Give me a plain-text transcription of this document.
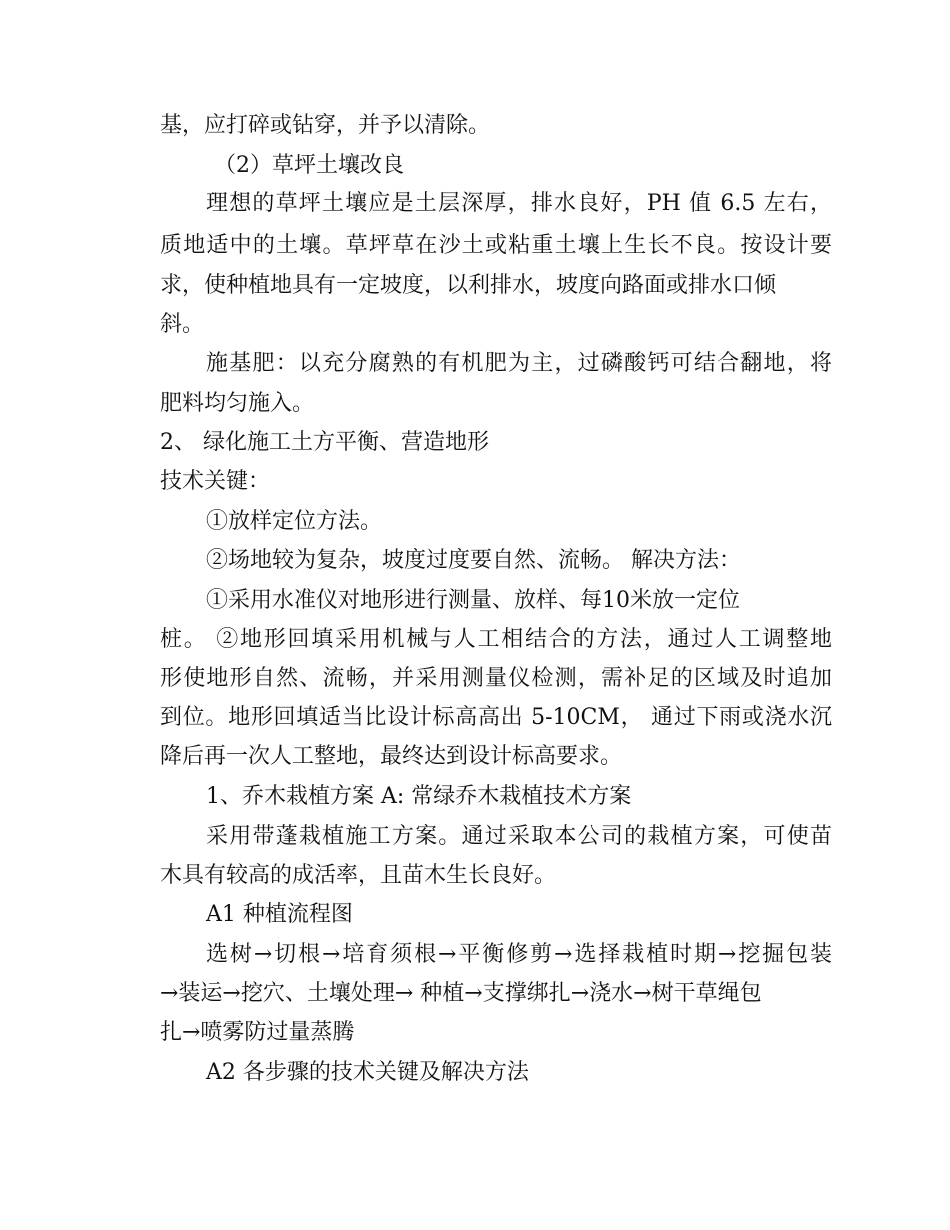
基，应打碎或钻穿，并予以清除。
（2）草坪土壤改良
理想的草坪土壤应是土层深厚，排水良好，PH 值 6.5 左右，
质地适中的土壤。草坪草在沙土或粘重土壤上生长不良。按设计要
求，使种植地具有一定坡度，以利排水，坡度向路面或排水口倾
斜。
施基肥：以充分腐熟的有机肥为主，过磷酸钙可结合翻地，将
肥料均匀施入。
2、 绿化施工土方平衡、营造地形
技术关键：
①放样定位方法。
②场地较为复杂，坡度过度要自然、流畅。 解决方法：
①采用水准仪对地形进行测量、放样、每10米放一定位
桩。 ②地形回填采用机械与人工相结合的方法，通过人工调整地
形使地形自然、流畅，并采用测量仪检测，需补足的区域及时追加
到位。地形回填适当比设计标高高出 5-10CM， 通过下雨或浇水沉
降后再一次人工整地，最终达到设计标高要求。
1、乔木栽植方案 A: 常绿乔木栽植技术方案
采用带蓬栽植施工方案。通过采取本公司的栽植方案，可使苗
木具有较高的成活率，且苗木生长良好。
A1 种植流程图
选树→切根→培育须根→平衡修剪→选择栽植时期→挖掘包装
→装运→挖穴、土壤处理→ 种植→支撑绑扎→浇水→树干草绳包
扎→喷雾防过量蒸腾
A2 各步骤的技术关键及解决方法
